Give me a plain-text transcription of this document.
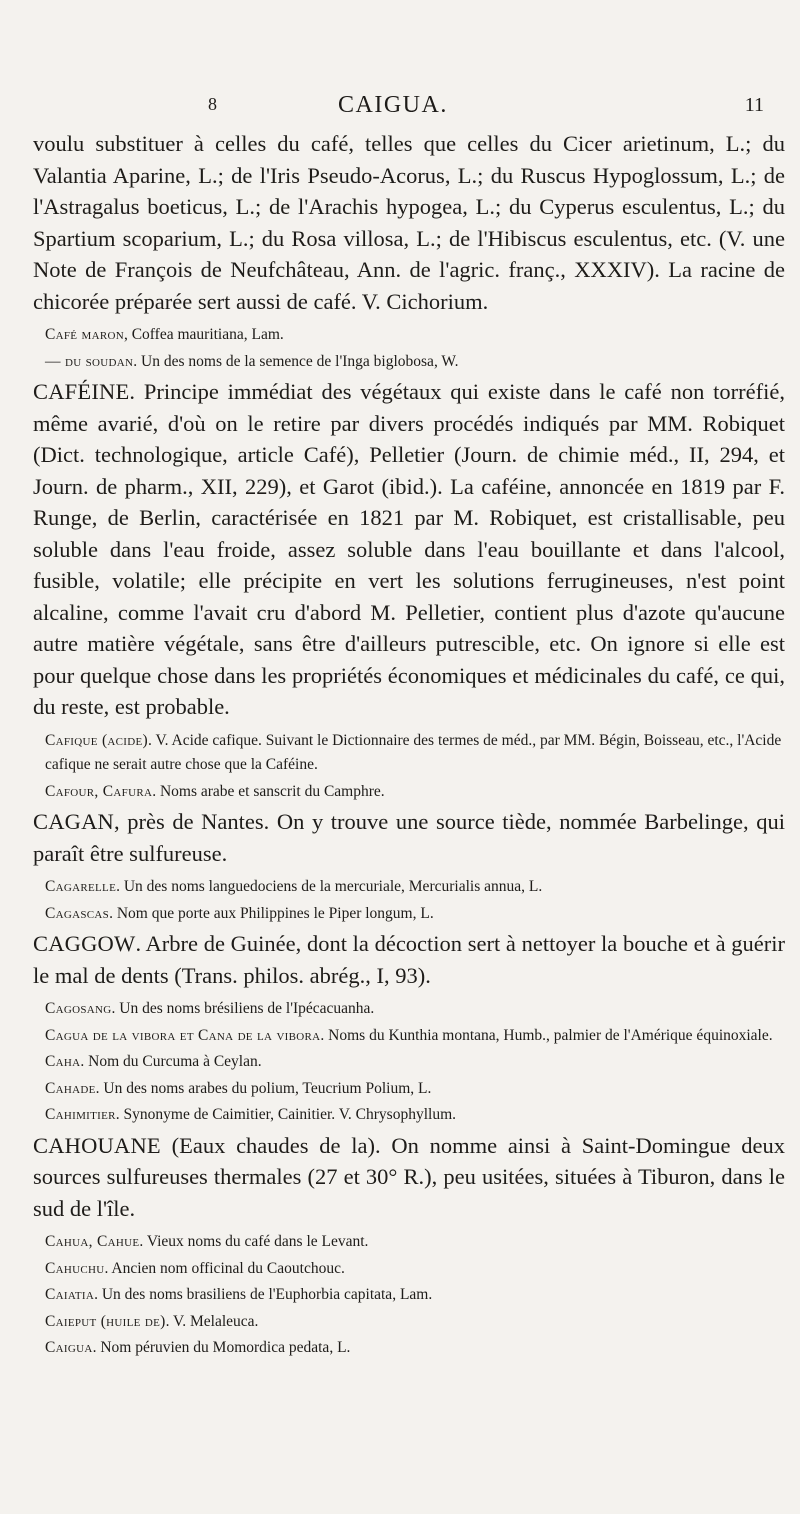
8	CAIGUA.	11

voulu substituer à celles du café, telles que celles du Cicer arietinum, L.; du Valantia Aparine, L.; de l'Iris Pseudo-Acorus, L.; du Ruscus Hypoglossum, L.; de l'Astragalus boeticus, L.; de l'Arachis hypogea, L.; du Cyperus esculentus, L.; du Spartium scoparium, L.; du Rosa villosa, L.; de l'Hibiscus esculentus, etc. (V. une Note de François de Neufchâteau, Ann. de l'agric. franç., XXXIV). La racine de chicorée préparée sert aussi de café. V. Cichorium.

Café maron, Coffea mauritiana, Lam.

— du soudan. Un des noms de la semence de l'Inga biglobosa, W.

CAFÉINE. Principe immédiat des végétaux qui existe dans le café non torréfié, même avarié, d'où on le retire par divers procédés indiqués par MM. Robiquet (Dict. technologique, article Café), Pelletier (Journ. de chimie méd., II, 294, et Journ. de pharm., XII, 229), et Garot (ibid.). La caféine, annoncée en 1819 par F. Runge, de Berlin, caractérisée en 1821 par M. Robiquet, est cristallisable, peu soluble dans l'eau froide, assez soluble dans l'eau bouillante et dans l'alcool, fusible, volatile; elle précipite en vert les solutions ferrugineuses, n'est point alcaline, comme l'avait cru d'abord M. Pelletier, contient plus d'azote qu'aucune autre matière végétale, sans être d'ailleurs putrescible, etc. On ignore si elle est pour quelque chose dans les propriétés économiques et médicinales du café, ce qui, du reste, est probable.

Cafique (acide). V. Acide cafique. Suivant le Dictionnaire des termes de méd., par MM. Bégin, Boisseau, etc., l'Acide cafique ne serait autre chose que la Caféine.

Cafour, Cafura. Noms arabe et sanscrit du Camphre.

CAGAN, près de Nantes. On y trouve une source tiède, nommée Barbelinge, qui paraît être sulfureuse.

Cagarelle. Un des noms languedociens de la mercuriale, Mercurialis annua, L.

Cagascas. Nom que porte aux Philippines le Piper longum, L.

CAGGOW. Arbre de Guinée, dont la décoction sert à nettoyer la bouche et à guérir le mal de dents (Trans. philos. abrég., I, 93).

Cagosang. Un des noms brésiliens de l'Ipécacuanha.

Cagua de la vibora et Cana de la vibora. Noms du Kunthia montana, Humb., palmier de l'Amérique équinoxiale.

Caha. Nom du Curcuma à Ceylan.

Cahade. Un des noms arabes du polium, Teucrium Polium, L.

Cahimitier. Synonyme de Caimitier, Cainitier. V. Chrysophyllum.

CAHOUANE (Eaux chaudes de la). On nomme ainsi à Saint-Domingue deux sources sulfureuses thermales (27 et 30° R.), peu usitées, situées à Tiburon, dans le sud de l'île.

Cahua, Cahue. Vieux noms du café dans le Levant.

Cahuchu. Ancien nom officinal du Caoutchouc.

Caiatia. Un des noms brasiliens de l'Euphorbia capitata, Lam.

Caieput (huile de). V. Melaleuca.

Caigua. Nom péruvien du Momordica pedata, L.
